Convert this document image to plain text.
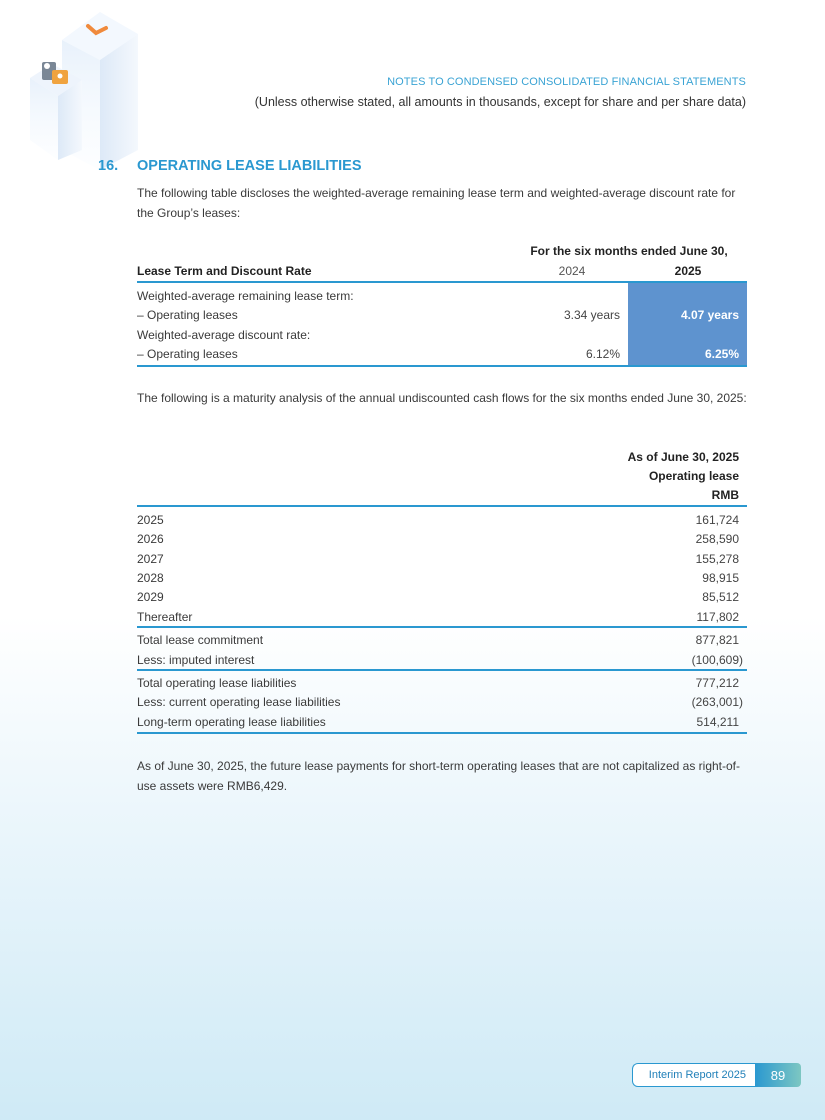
NOTES TO CONDENSED CONSOLIDATED FINANCIAL STATEMENTS
(Unless otherwise stated, all amounts in thousands, except for share and per share data)
16. OPERATING LEASE LIABILITIES
The following table discloses the weighted-average remaining lease term and weighted-average discount rate for the Group’s leases:
For the six months ended June 30,
Lease Term and Discount Rate	2024	2025
Weighted-average remaining lease term:
– Operating leases	3.34 years	4.07 years
Weighted-average discount rate:
– Operating leases	6.12%	6.25%
The following is a maturity analysis of the annual undiscounted cash flows for the six months ended June 30, 2025:
As of June 30, 2025
Operating lease
RMB
2025	161,724
2026	258,590
2027	155,278
2028	98,915
2029	85,512
Thereafter	117,802
Total lease commitment	877,821
Less: imputed interest	(100,609)
Total operating lease liabilities	777,212
Less: current operating lease liabilities	(263,001)
Long-term operating lease liabilities	514,211
As of June 30, 2025, the future lease payments for short-term operating leases that are not capitalized as right-of-use assets were RMB6,429.
Interim Report 2025	89
